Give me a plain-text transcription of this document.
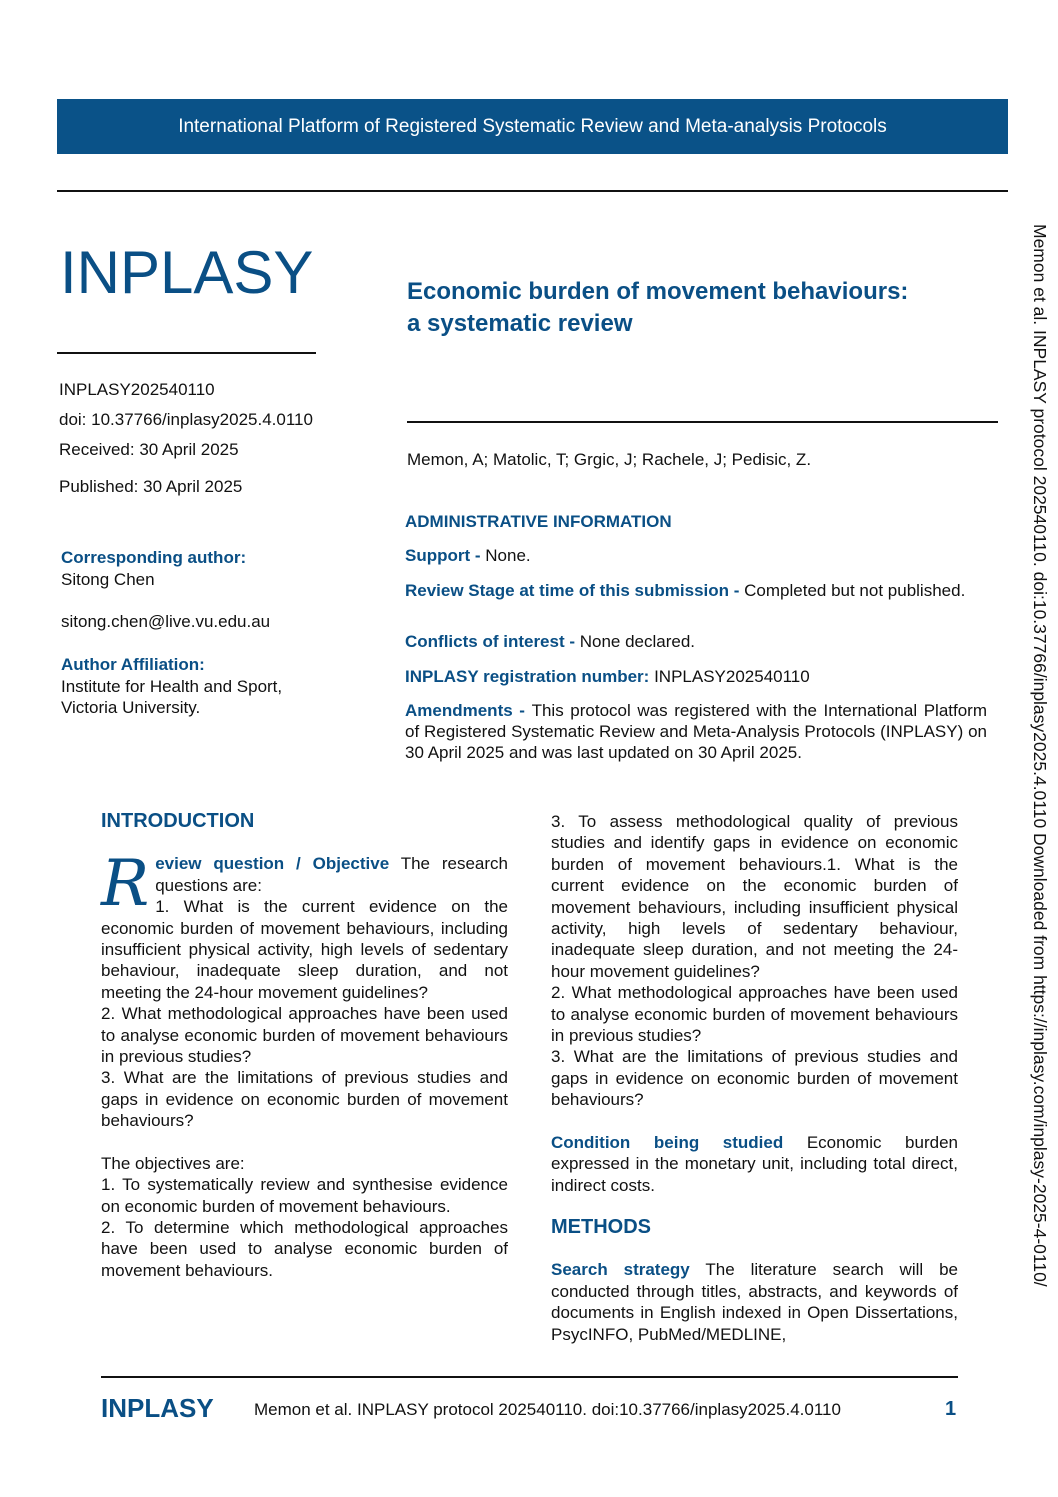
International Platform of Registered Systematic Review and Meta-analysis Protocols
INPLASY	Economic burden of movement behaviours:
a systematic review
INPLASY202540110
doi: 10.37766/inplasy2025.4.0110
Received: 30 April 2025
Published: 30 April 2025
Corresponding author:
Sitong Chen
sitong.chen@live.vu.edu.au
Author Affiliation:
Institute for Health and Sport,
Victoria University.
Memon, A; Matolic, T; Grgic, J; Rachele, J; Pedisic, Z.
ADMINISTRATIVE INFORMATION
Support - None.
Review Stage at time of this submission - Completed but not published.
Conflicts of interest - None declared.
INPLASY registration number: INPLASY202540110
Amendments - This protocol was registered with the International Platform of Registered Systematic Review and Meta-Analysis Protocols (INPLASY) on 30 April 2025 and was last updated on 30 April 2025.

INTRODUCTION

Review question / Objective The research questions are:

1. What is the current evidence on the economic burden of movement behaviours, including insufficient physical activity, high levels of sedentary behaviour, inadequate sleep duration, and not meeting the 24-hour movement guidelines?

2. What methodological approaches have been used to analyse economic burden of movement behaviours in previous studies?

3. What are the limitations of previous studies and gaps in evidence on economic burden of movement behaviours?

The objectives are:

1. To systematically review and synthesise evidence on economic burden of movement behaviours.

2. To determine which methodological approaches have been used to analyse economic burden of movement behaviours.

3. To assess methodological quality of previous studies and identify gaps in evidence on economic burden of movement behaviours.1. What is the current evidence on the economic burden of movement behaviours, including insufficient physical activity, high levels of sedentary behaviour, inadequate sleep duration, and not meeting the 24-hour movement guidelines?

2. What methodological approaches have been used to analyse economic burden of movement behaviours in previous studies?

3. What are the limitations of previous studies and gaps in evidence on economic burden of movement behaviours?

Condition being studied Economic burden expressed in the monetary unit, including total direct, indirect costs.

METHODS

Search strategy The literature search will be conducted through titles, abstracts, and keywords of documents in English indexed in Open Dissertations, PsycINFO, PubMed/MEDLINE,

INPLASY Memon et al. INPLASY protocol 202540110. doi:10.37766/inplasy2025.4.0110	1
Memon et al. INPLASY protocol 202540110. doi:10.37766/inplasy2025.4.0110 Downloaded from https://inplasy.com/inplasy-2025-4-0110/
